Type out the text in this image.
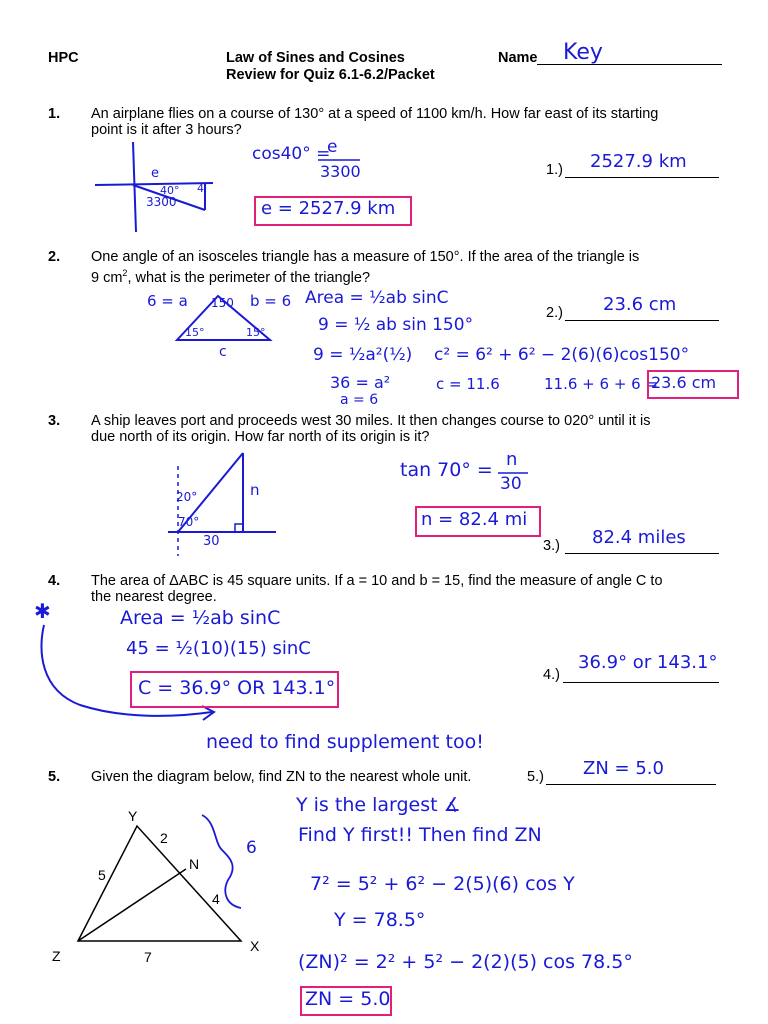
HPC	Law of Sines and Cosines
Review for Quiz 6.1-6.2/Packet
Name Key
1. An airplane flies on a course of 130° at a speed of 1100 km/h. How far east of its starting
point is it after 3 hours?
e
40°
3300
4
cos40° =
e
3300
e = 2527.9 km
1.) 2527.9 km
2. One angle of an isosceles triangle has a measure of 150°. If the area of the triangle is
9 $cm^2$, what is the perimeter of the triangle?
6 = a 150 b = 6
15°	15°
c
Area = ½ab sinC
9 = ½ ab sin 150°
9 = ½a²(½) c² = 6² + 6² − 2(6)(6)cos150°
36 = a²
a = 6
c = 11.6	11.6 + 6 + 6 =
23.6 cm
2.) 23.6 cm
3. A ship leaves port and proceeds west 30 miles. It then changes course to 020° until it is
due north of its origin. How far north of its origin is it?
20°
70°
n
30
tan 70° = n
30
n = 82.4 mi
3.) 82.4 miles
4. The area of ΔABC is 45 square units. If a = 10 and b = 15, find the measure of angle C to
the nearest degree.
✱	Area = ½ab sinC
45 = ½(10)(15) sinC
C = 36.9° OR 143.1°
need to find supplement too!
4.)
36.9° or 143.1°
5. Given the diagram below, find ZN to the nearest whole unit.	5.) ZN = 5.0
Y
2
N
5
4
Z	7
X
6
Y is the largest ∡
Find Y first!! Then find ZN
7² = 5² + 6² − 2(5)(6) cos Y
Y = 78.5°
(ZN)² = 2² + 5² − 2(2)(5) cos 78.5°
ZN = 5.0
